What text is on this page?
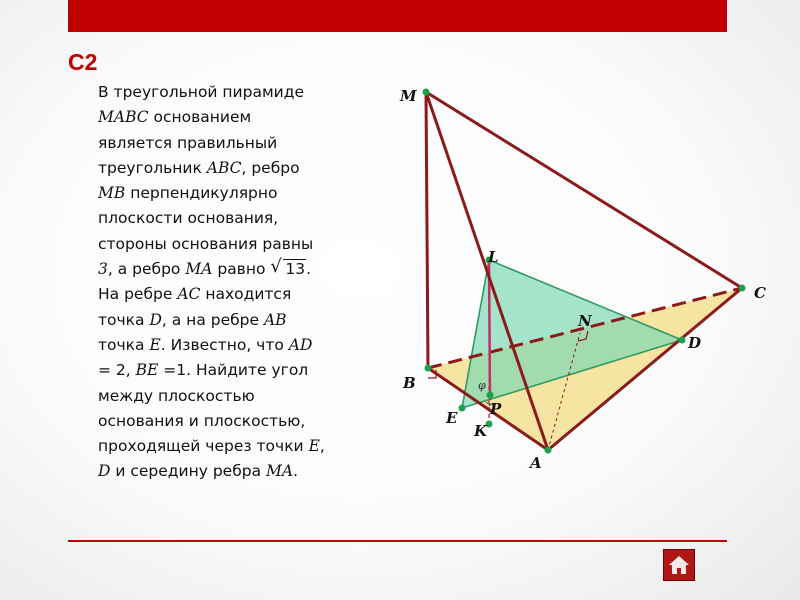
C2
В треугольной пирамиде
MABC основанием
является правильный
треугольник ABC, ребро
MB перпендикулярно
плоскости основания,
стороны основания равны
3, а ребро MA равно √ 13.
На ребре AC находится
точка D, а на ребре AB
точка E. Известно, что AD
= 2, BE =1. Найдите угол
между плоскостью
основания и плоскостью,
проходящей через точки E,
D и середину ребра MA.
M
L
C
N
D
B
E
K
P
A
φ
